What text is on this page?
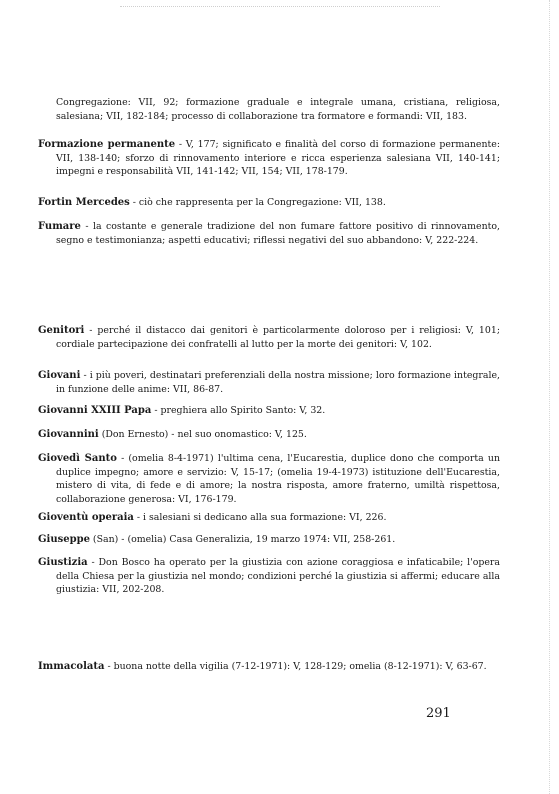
Congregazione: VII, 92; formazione graduale e integrale umana, cristiana, religiosa, salesiana; VII, 182-184; processo di collaborazione tra formatore e formandi: VII, 183.

Formazione permanente - V, 177; significato e finalità del corso di formazione permanente: VII, 138-140; sforzo di rinnovamento interiore e ricca esperienza salesiana VII, 140-141; impegni e responsabilità VII, 141-142; VII, 154; VII, 178-179.

Fortin Mercedes - ciò che rappresenta per la Congregazione: VII, 138.

Fumare - la costante e generale tradizione del non fumare fattore positivo di rinnovamento, segno e testimonianza; aspetti educativi; riflessi negativi del suo abbandono: V, 222-224.

Genitori - perché il distacco dai genitori è particolarmente doloroso per i religiosi: V, 101; cordiale partecipazione dei confratelli al lutto per la morte dei genitori: V, 102.

Giovani - i più poveri, destinatari preferenziali della nostra missione; loro formazione integrale, in funzione delle anime: VII, 86-87.

Giovanni XXIII Papa - preghiera allo Spirito Santo: V, 32.

Giovannini (Don Ernesto) - nel suo onomastico: V, 125.

Giovedì Santo - (omelia 8-4-1971) l'ultima cena, l'Eucarestia, duplice dono che comporta un duplice impegno; amore e servizio: V, 15-17; (omelia 19-4-1973) istituzione dell'Eucarestia, mistero di vita, di fede e di amore; la nostra risposta, amore fraterno, umiltà rispettosa, collaborazione generosa: VI, 176-179.

Gioventù operaia - i salesiani si dedicano alla sua formazione: VI, 226.

Giuseppe (San) - (omelia) Casa Generalizia, 19 marzo 1974: VII, 258-261.

Giustizia - Don Bosco ha operato per la giustizia con azione coraggiosa e infaticabile; l'opera della Chiesa per la giustizia nel mondo; condizioni perché la giustizia si affermi; educare alla giustizia: VII, 202-208.

Immacolata - buona notte della vigilia (7-12-1971): V, 128-129; omelia (8-12-1971): V, 63-67.

291
